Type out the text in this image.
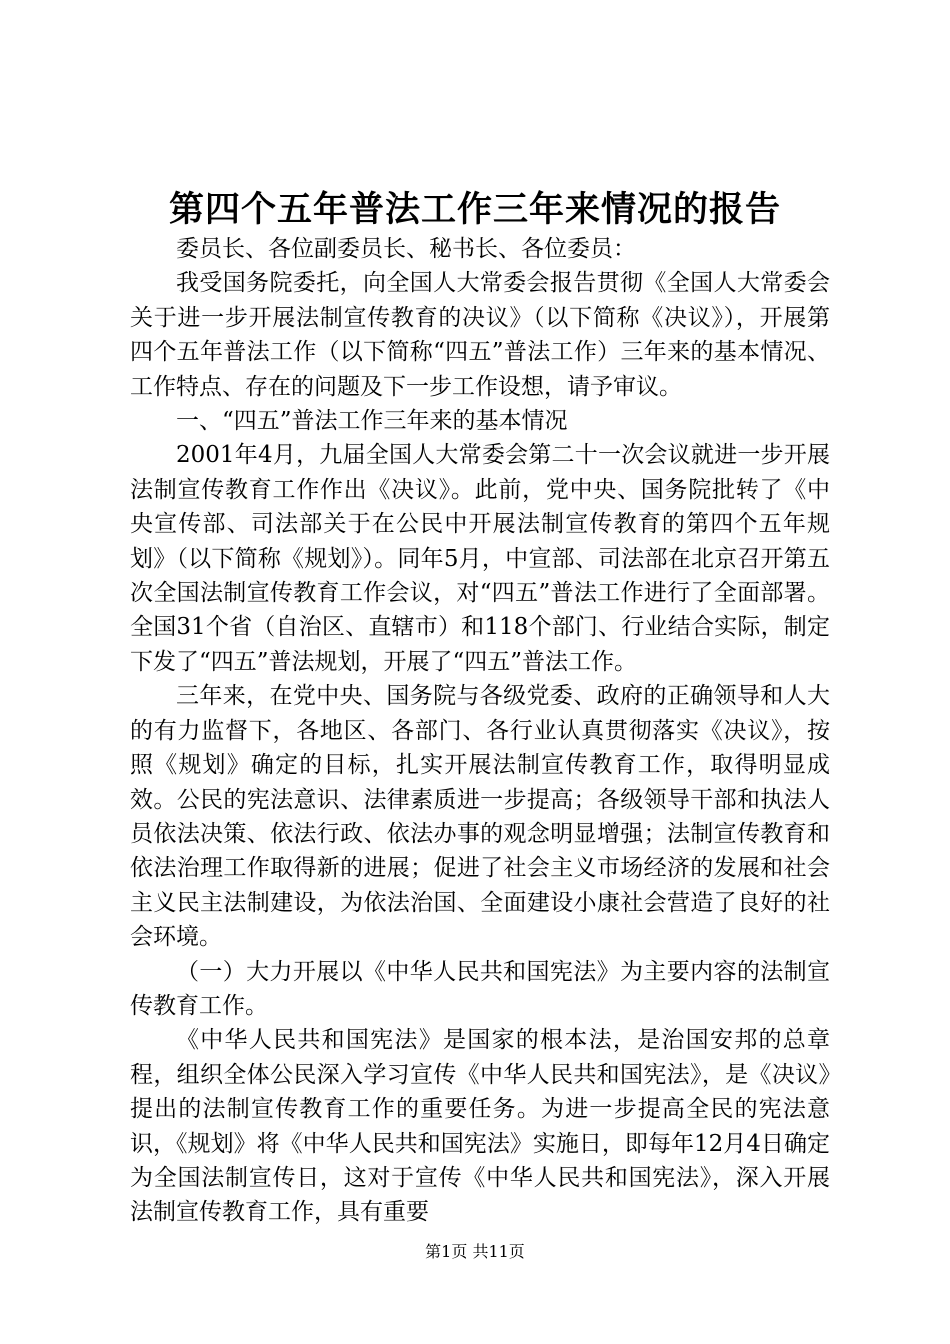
第四个五年普法工作三年来情况的报告

委员长、各位副委员长、秘书长、各位委员：

我受国务院委托，向全国人大常委会报告贯彻《全国人大常委会关于进一步开展法制宣传教育的决议》（以下简称《决议》），开展第四个五年普法工作（以下简称“四五”普法工作）三年来的基本情况、工作特点、存在的问题及下一步工作设想，请予审议。

一、“四五”普法工作三年来的基本情况

2001年4月，九届全国人大常委会第二十一次会议就进一步开展法制宣传教育工作作出《决议》。此前，党中央、国务院批转了《中央宣传部、司法部关于在公民中开展法制宣传教育的第四个五年规划》（以下简称《规划》）。同年5月，中宣部、司法部在北京召开第五次全国法制宣传教育工作会议，对“四五”普法工作进行了全面部署。全国31个省（自治区、直辖市）和118个部门、行业结合实际，制定下发了“四五”普法规划，开展了“四五”普法工作。

三年来，在党中央、国务院与各级党委、政府的正确领导和人大的有力监督下，各地区、各部门、各行业认真贯彻落实《决议》，按照《规划》确定的目标，扎实开展法制宣传教育工作，取得明显成效。公民的宪法意识、法律素质进一步提高；各级领导干部和执法人员依法决策、依法行政、依法办事的观念明显增强；法制宣传教育和依法治理工作取得新的进展；促进了社会主义市场经济的发展和社会主义民主法制建设，为依法治国、全面建设小康社会营造了良好的社会环境。

（一）大力开展以《中华人民共和国宪法》为主要内容的法制宣传教育工作。

《中华人民共和国宪法》是国家的根本法，是治国安邦的总章程，组织全体公民深入学习宣传《中华人民共和国宪法》，是《决议》提出的法制宣传教育工作的重要任务。为进一步提高全民的宪法意识，《规划》将《中华人民共和国宪法》实施日，即每年12月4日确定为全国法制宣传日，这对于宣传《中华人民共和国宪法》，深入开展法制宣传教育工作，具有重要

第1页 共11页
